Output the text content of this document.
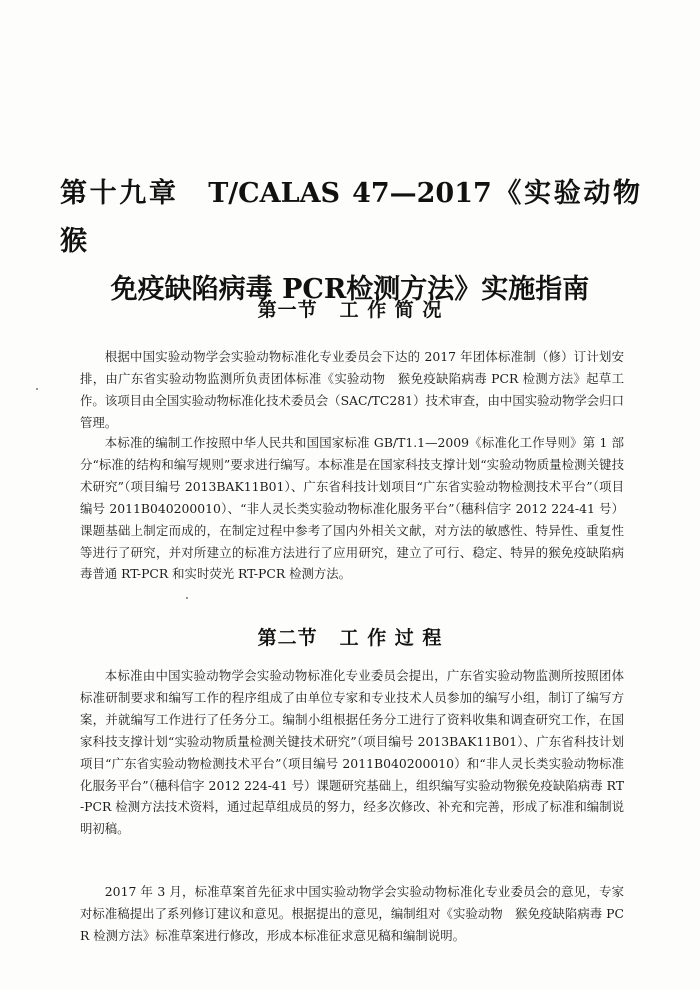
第十九章　T/CALAS 47—2017《实验动物　猴
免疫缺陷病毒 PCR检测方法》实施指南
第一节 工 作 简 况

根据中国实验动物学会实验动物标准化专业委员会下达的 2017 年团体标准制（修）订计划安排，由广东省实验动物监测所负责团体标准《实验动物　猴免疫缺陷病毒 PCR 检测方法》起草工作。该项目由全国实验动物标准化技术委员会（SAC/TC281）技术审查，由中国实验动物学会归口管理。

本标准的编制工作按照中华人民共和国国家标准 GB/T1.1—2009《标准化工作导则》第 1 部分“标准的结构和编写规则”要求进行编写。本标准是在国家科技支撑计划“实验动物质量检测关键技术研究”（项目编号 2013BAK11B01）、广东省科技计划项目“广东省实验动物检测技术平台”（项目编号 2011B040200010）、“非人灵长类实验动物标准化服务平台”（穗科信字 2012 224-41 号）课题基础上制定而成的，在制定过程中参考了国内外相关文献，对方法的敏感性、特异性、重复性等进行了研究，并对所建立的标准方法进行了应用研究，建立了可行、稳定、特异的猴免疫缺陷病毒普通 RT-PCR 和实时荧光 RT-PCR 检测方法。

第二节 工 作 过 程

本标准由中国实验动物学会实验动物标准化专业委员会提出，广东省实验动物监测所按照团体标准研制要求和编写工作的程序组成了由单位专家和专业技术人员参加的编写小组，制订了编写方案，并就编写工作进行了任务分工。编制小组根据任务分工进行了资料收集和调查研究工作，在国家科技支撑计划“实验动物质量检测关键技术研究”（项目编号 2013BAK11B01）、广东省科技计划项目“广东省实验动物检测技术平台”（项目编号 2011B040200010）和“非人灵长类实验动物标准化服务平台”（穗科信字 2012 224-41 号）课题研究基础上，组织编写实验动物猴免疫缺陷病毒 RT-PCR 检测方法技术资料，通过起草组成员的努力，经多次修改、补充和完善，形成了标准和编制说明初稿。

2017 年 3 月，标准草案首先征求中国实验动物学会实验动物标准化专业委员会的意见，专家对标准稿提出了系列修订建议和意见。根据提出的意见，编制组对《实验动物　猴免疫缺陷病毒 PCR 检测方法》标准草案进行修改，形成本标准征求意见稿和编制说明。
